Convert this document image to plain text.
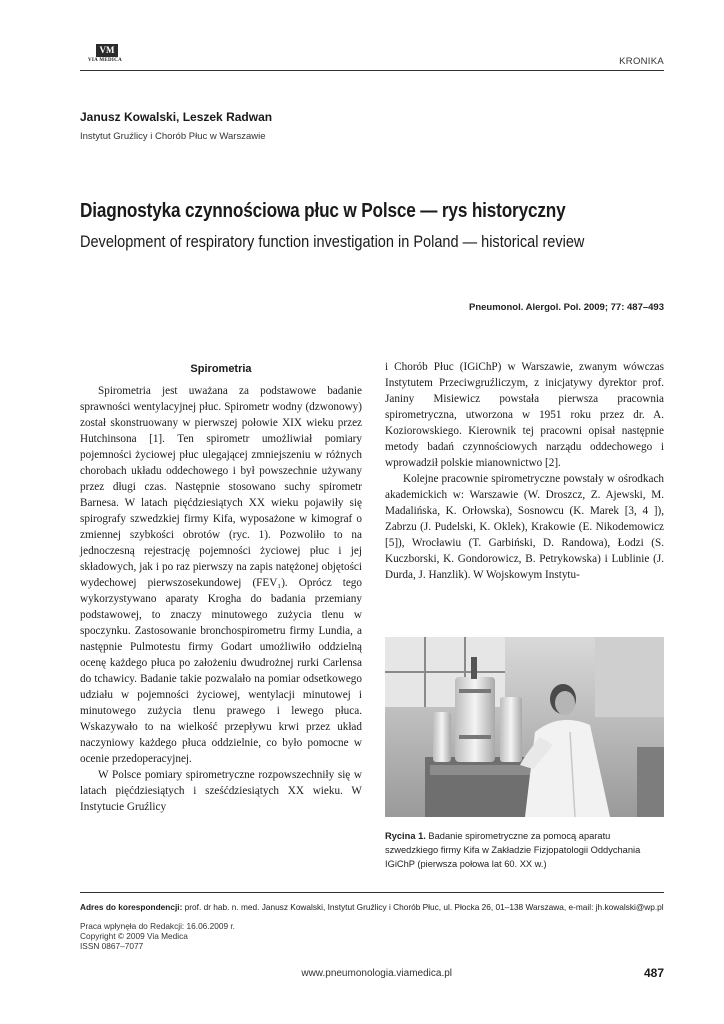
VM
VIA MEDICA	KRONIKA
Janusz Kowalski, Leszek Radwan
Instytut Gruźlicy i Chorób Płuc w Warszawie
Diagnostyka czynnościowa płuc w Polsce — rys historyczny
Development of respiratory function investigation in Poland — historical review
Pneumonol. Alergol. Pol. 2009; 77: 487–493
Spirometria

Spirometria jest uważana za podstawowe badanie sprawności wentylacyjnej płuc. Spirometr wodny (dzwonowy) został skonstruowany w pierwszej połowie XIX wieku przez Hutchinsona [1]. Ten spirometr umożliwiał pomiary pojemności życiowej płuc ulegającej zmniejszeniu w różnych chorobach układu oddechowego i był powszechnie używany przez długi czas. Następnie stosowano suchy spirometr Barnesa. W latach pięćdziesiątych XX wieku pojawiły się spirografy szwedzkiej firmy Kifa, wyposażone w kimograf o zmiennej szybkości obrotów (ryc. 1). Pozwoliło to na jednoczesną rejestrację pojemności życiowej płuc i jej składowych, jak i po raz pierwszy na zapis natężonej objętości wydechowej pierwszosekundowej (FEV₁). Oprócz tego wykorzystywano aparaty Krogha do badania przemiany podstawowej, to znaczy minutowego zużycia tlenu w spoczynku. Zastosowanie bronchospirometru firmy Lundia, a następnie Pulmotestu firmy Godart umożliwiło oddzielną ocenę każdego płuca po założeniu dwudrożnej rurki Carlensa do tchawicy. Badanie takie pozwalało na pomiar odsetkowego udziału w pojemności życiowej, wentylacji minutowej i minutowego zużycia tlenu prawego i lewego płuca. Wskazywało to na wielkość przepływu krwi przez układ naczyniowy każdego płuca oddzielnie, co było pomocne w ocenie przedoperacyjnej.

W Polsce pomiary spirometryczne rozpowszechniły się w latach pięćdziesiątych i sześćdziesiątych XX wieku. W Instytucie Gruźlicy

i Chorób Płuc (IGiChP) w Warszawie, zwanym wówczas Instytutem Przeciwgruźliczym, z inicjatywy dyrektor prof. Janiny Misiewicz powstała pierwsza pracownia spirometryczna, utworzona w 1951 roku przez dr. A. Koziorowskiego. Kierownik tej pracowni opisał następnie metody badań czynnościowych narządu oddechowego i wprowadził polskie mianownictwo [2].

Kolejne pracownie spirometryczne powstały w ośrodkach akademickich w: Warszawie (W. Droszcz, Z. Ajewski, M. Madalińska, K. Orłowska), Sosnowcu (K. Marek [3, 4 ]), Zabrzu (J. Pudelski, K. Oklek), Krakowie (E. Nikodemowicz [5]), Wrocławiu (T. Garbiński, D. Randowa), Łodzi (S. Kuczborski, K. Gondorowicz, B. Petrykowska) i Lublinie (J. Durda, J. Hanzlik). W Wojskowym Instytu-

Rycina 1. Badanie spirometryczne za pomocą aparatu szwedzkiego firmy Kifa w Zakładzie Fizjopatologii Oddychania IGiChP (pierwsza połowa lat 60. XX w.)
Adres do korespondencji: prof. dr hab. n. med. Janusz Kowalski, Instytut Gruźlicy i Chorób Płuc, ul. Płocka 26, 01–138 Warszawa, e-mail: jh.kowalski@wp.pl
Praca wpłynęła do Redakcji: 16.06.2009 r.
Copyright © 2009 Via Medica
ISSN 0867–7077
www.pneumonologia.viamedica.pl	487
